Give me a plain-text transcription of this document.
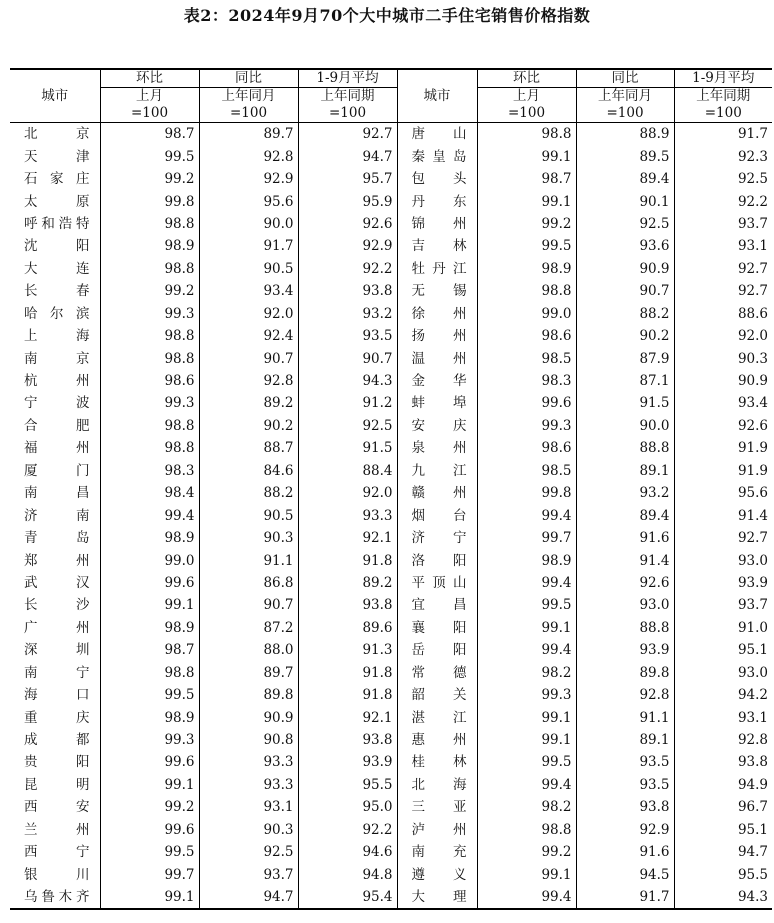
表2：2024年9月70个大中城市二手住宅销售价格指数
城市	环比	同比	1-9月平均	城市	环比	同比	1-9月平均
	上月	上年同月	上年同期		上月	上年同月	上年同期
	=100	=100	=100		=100	=100	=100
北京	98.7	89.7	92.7	唐山	98.8	88.9	91.7
天津	99.5	92.8	94.7	秦皇岛	99.1	89.5	92.3
石家庄	99.2	92.9	95.7	包头	98.7	89.4	92.5
太原	99.8	95.6	95.9	丹东	99.1	90.1	92.2
呼和浩特	98.8	90.0	92.6	锦州	99.2	92.5	93.7
沈阳	98.9	91.7	92.9	吉林	99.5	93.6	93.1
大连	98.8	90.5	92.2	牡丹江	98.9	90.9	92.7
长春	99.2	93.4	93.8	无锡	98.8	90.7	92.7
哈尔滨	99.3	92.0	93.2	徐州	99.0	88.2	88.6
上海	98.8	92.4	93.5	扬州	98.6	90.2	92.0
南京	98.8	90.7	90.7	温州	98.5	87.9	90.3
杭州	98.6	92.8	94.3	金华	98.3	87.1	90.9
宁波	99.3	89.2	91.2	蚌埠	99.6	91.5	93.4
合肥	98.8	90.2	92.5	安庆	99.3	90.0	92.6
福州	98.8	88.7	91.5	泉州	98.6	88.8	91.9
厦门	98.3	84.6	88.4	九江	98.5	89.1	91.9
南昌	98.4	88.2	92.0	赣州	99.8	93.2	95.6
济南	99.4	90.5	93.3	烟台	99.4	89.4	91.4
青岛	98.9	90.3	92.1	济宁	99.7	91.6	92.7
郑州	99.0	91.1	91.8	洛阳	98.9	91.4	93.0
武汉	99.6	86.8	89.2	平顶山	99.4	92.6	93.9
长沙	99.1	90.7	93.8	宜昌	99.5	93.0	93.7
广州	98.9	87.2	89.6	襄阳	99.1	88.8	91.0
深圳	98.7	88.0	91.3	岳阳	99.4	93.9	95.1
南宁	98.8	89.7	91.8	常德	98.2	89.8	93.0
海口	99.5	89.8	91.8	韶关	99.3	92.8	94.2
重庆	98.9	90.9	92.1	湛江	99.1	91.1	93.1
成都	99.3	90.8	93.8	惠州	99.1	89.1	92.8
贵阳	99.6	93.3	93.9	桂林	99.5	93.5	93.8
昆明	99.1	93.3	95.5	北海	99.4	93.5	94.9
西安	99.2	93.1	95.0	三亚	98.2	93.8	96.7
兰州	99.6	90.3	92.2	泸州	98.8	92.9	95.1
西宁	99.5	92.5	94.6	南充	99.2	91.6	94.7
银川	99.7	93.7	94.8	遵义	99.1	94.5	95.5
乌鲁木齐	99.1	94.7	95.4	大理	99.4	91.7	94.3
